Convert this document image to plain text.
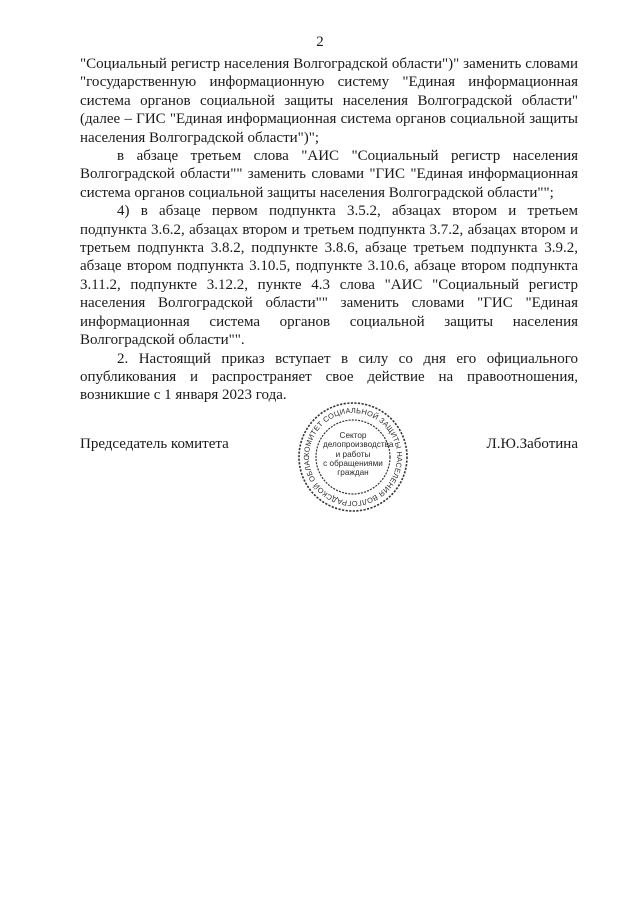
2

"Социальный регистр населения Волгоградской области")" заменить словами "государственную информационную систему "Единая информационная система органов социальной защиты населения Волгоградской области" (далее – ГИС "Единая информационная система органов социальной защиты населения Волгоградской области")";

в абзаце третьем слова "АИС "Социальный регистр населения Волгоградской области"" заменить словами "ГИС "Единая информационная система органов социальной защиты населения Волгоградской области"";

4) в абзаце первом подпункта 3.5.2, абзацах втором и третьем подпункта 3.6.2, абзацах втором и третьем подпункта 3.7.2, абзацах втором и третьем подпункта 3.8.2, подпункте 3.8.6, абзаце третьем подпункта 3.9.2, абзаце втором подпункта 3.10.5, подпункте 3.10.6, абзаце втором подпункта 3.11.2, подпункте 3.12.2, пункте 4.3 слова "АИС "Социальный регистр населения Волгоградской области"" заменить словами "ГИС "Единая информационная система органов социальной защиты населения Волгоградской области"".

2. Настоящий приказ вступает в силу со дня его официального опубликования и распространяет свое действие на правоотношения, возникшие с 1 января 2023 года.

Председатель комитета	Л.Ю.Заботина
КОМИТЕТ СОЦИАЛЬНОЙ ЗАЩИТЫ НАСЕЛЕНИЯ ВОЛГОГРАДСКОЙ ОБЛАС
Сектор
делопроизводства
и работы
с обращениями
граждан
